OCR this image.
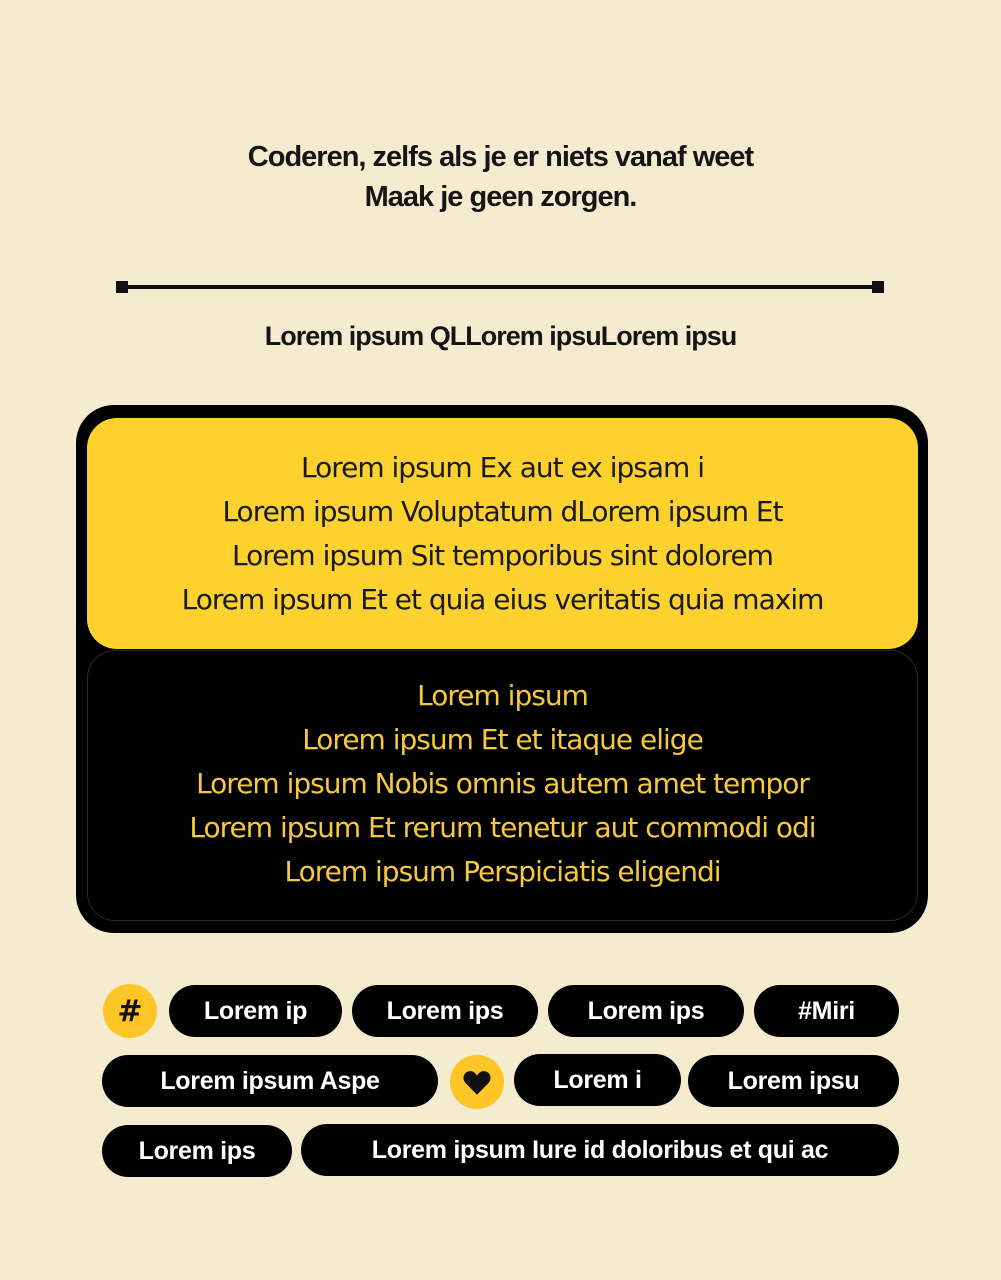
Coderen, zelfs als je er niets vanaf weet
Maak je geen zorgen.
Lorem ipsum QLLorem ipsuLorem ipsu
Lorem ipsum Ex aut ex ipsam i
Lorem ipsum Voluptatum dLorem ipsum Et
Lorem ipsum Sit temporibus sint dolorem
Lorem ipsum Et et quia eius veritatis quia maxim
Lorem ipsum
Lorem ipsum Et et itaque elige
Lorem ipsum Nobis omnis autem amet tempor
Lorem ipsum Et rerum tenetur aut commodi odi
Lorem ipsum Perspiciatis eligendi
# Lorem ip	Lorem ips	Lorem ips	#Miri
Lorem ipsum Aspe	Lorem i	Lorem ipsu
Lorem ips	Lorem ipsum Iure id doloribus et qui ac
